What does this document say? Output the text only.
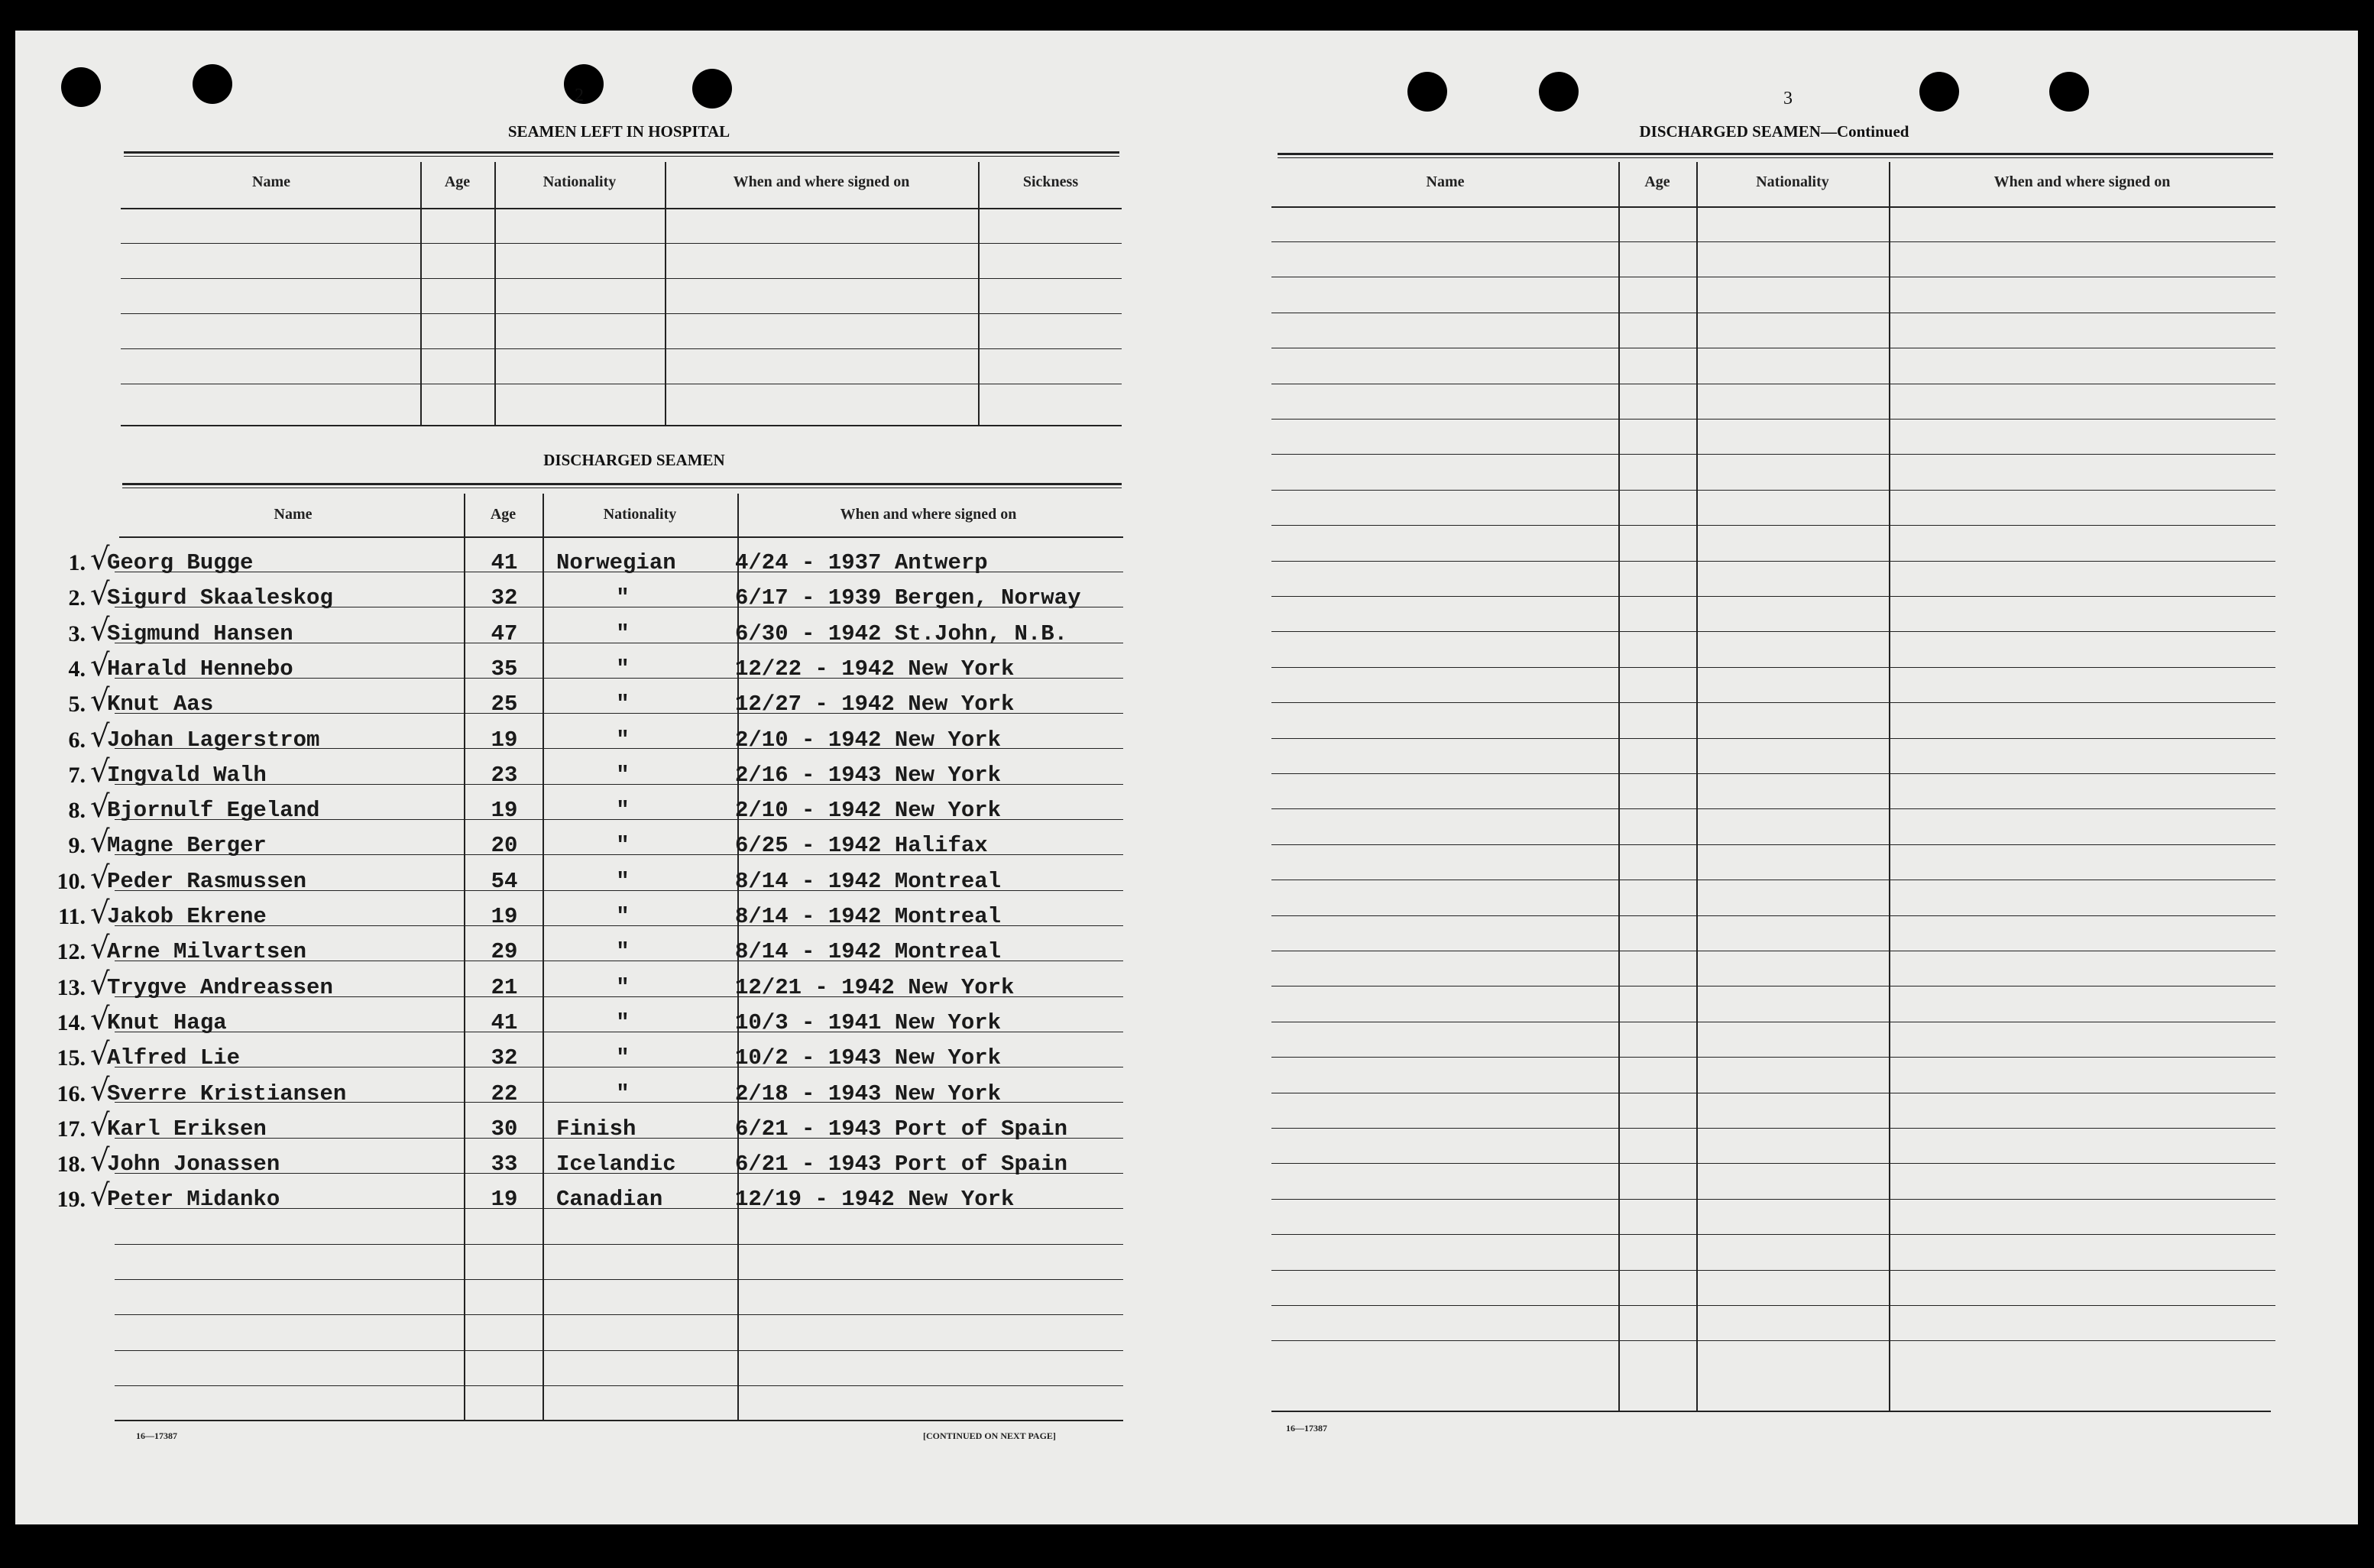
2
SEAMEN LEFT IN HOSPITAL
Name	Age	Nationality	When and where signed on	Sickness
DISCHARGED SEAMEN
Name	Age	Nationality	When and where signed on
1. √
Georg Bugge	41	Norwegian	4/24 - 1937 Antwerp
2. √
Sigurd Skaaleskog	32	"	6/17 - 1939 Bergen, Norway
3. √
Sigmund Hansen	47	"	6/30 - 1942 St.John, N.B.
4. √
Harald Hennebo	35	"	12/22 - 1942 New York
5. √
Knut Aas	25	"	12/27 - 1942 New York
6. √
Johan Lagerstrom	19	"	2/10 - 1942 New York
7. √
Ingvald Walh	23	"	2/16 - 1943 New York
8. √
Bjornulf Egeland	19	"	2/10 - 1942 New York
9. √
Magne Berger	20	"	6/25 - 1942 Halifax
10. √
Peder Rasmussen	54	"	8/14 - 1942 Montreal
11. √
Jakob Ekrene	19	"	8/14 - 1942 Montreal
12. √
Arne Milvartsen	29	"	8/14 - 1942 Montreal
13. √
Trygve Andreassen	21	"	12/21 - 1942 New York
14. √
Knut Haga	41	"	10/3 - 1941 New York
15. √
Alfred Lie	32	"	10/2 - 1943 New York
16. √
Sverre Kristiansen	22	"	2/18 - 1943 New York
17. √
Karl Eriksen	30	Finish	6/21 - 1943 Port of Spain
18. √
John Jonassen	33	Icelandic	6/21 - 1943 Port of Spain
19. √
Peter Midanko	19	Canadian	12/19 - 1942 New York
16—17387	[CONTINUED ON NEXT PAGE]
3
DISCHARGED SEAMEN—Continued
Name	Age	Nationality	When and where signed on
16—17387
